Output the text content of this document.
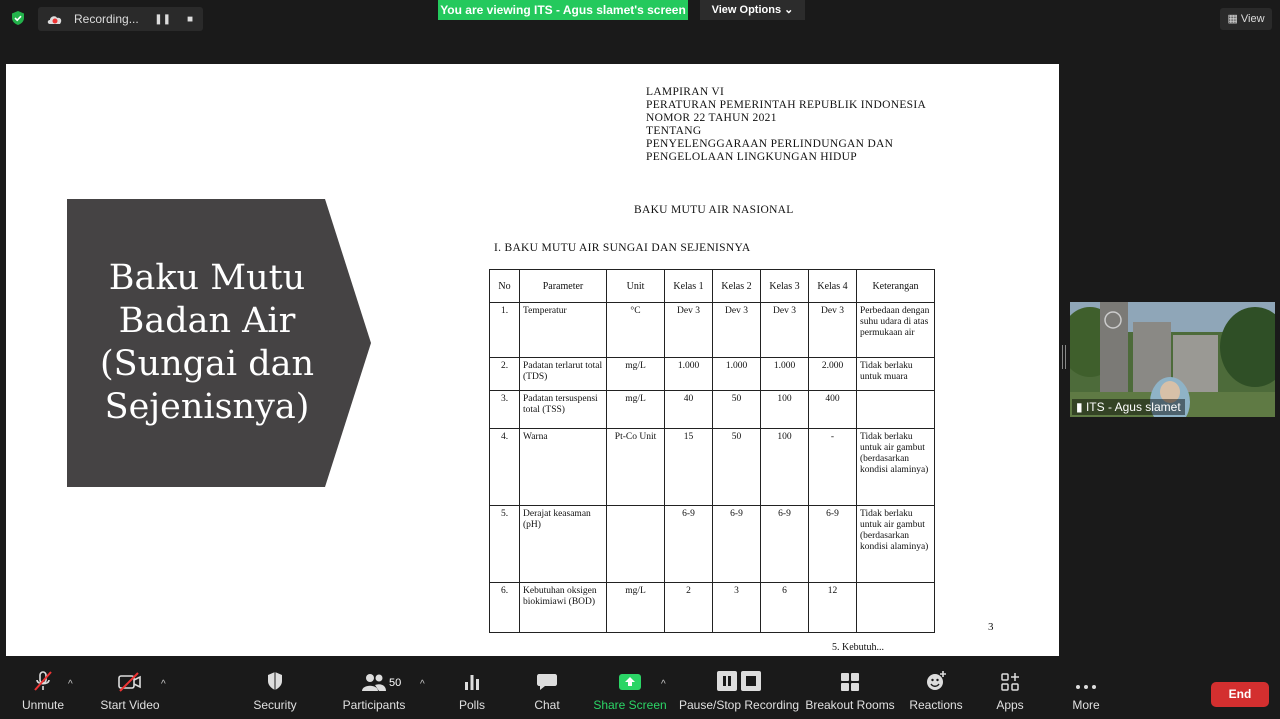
Recording... ❚❚ ■
You are viewing ITS - Agus slamet's screen	View Options ⌄
▦ View
Baku Mutu
Badan Air
(Sungai dan
Sejenisnya)
LAMPIRAN VI
PERATURAN PEMERINTAH REPUBLIK INDONESIA
NOMOR 22 TAHUN 2021
TENTANG
PENYELENGGARAAN PERLINDUNGAN DAN
PENGELOLAAN LINGKUNGAN HIDUP
BAKU MUTU AIR NASIONAL
I. BAKU MUTU AIR SUNGAI DAN SEJENISNYA
No	Parameter	Unit	Kelas 1	Kelas 2	Kelas 3	Kelas 4	Keterangan
1.	Temperatur	°C	Dev 3	Dev 3	Dev 3	Dev 3	Perbedaan dengan suhu udara di atas permukaan air
2.	Padatan terlarut total (TDS)	mg/L	1.000	1.000	1.000	2.000	Tidak berlaku untuk muara
3.	Padatan tersuspensi total (TSS)	mg/L	40	50	100	400	
4.	Warna	Pt-Co Unit	15	50	100	-	Tidak berlaku untuk air gambut (berdasarkan kondisi alaminya)
5.	Derajat keasaman (pH)		6-9	6-9	6-9	6-9	Tidak berlaku untuk air gambut (berdasarkan kondisi alaminya)
6.	Kebutuhan oksigen biokimiawi (BOD)	mg/L	2	3	6	12	
3
5. Kebutuh...
▮ ITS - Agus slamet
Unmute
^
Start Video
^
Security	Participants
50 ^
Polls	Chat	Share Screen
^
Pause/Stop Recording Breakout Rooms Reactions	Apps	More
End
